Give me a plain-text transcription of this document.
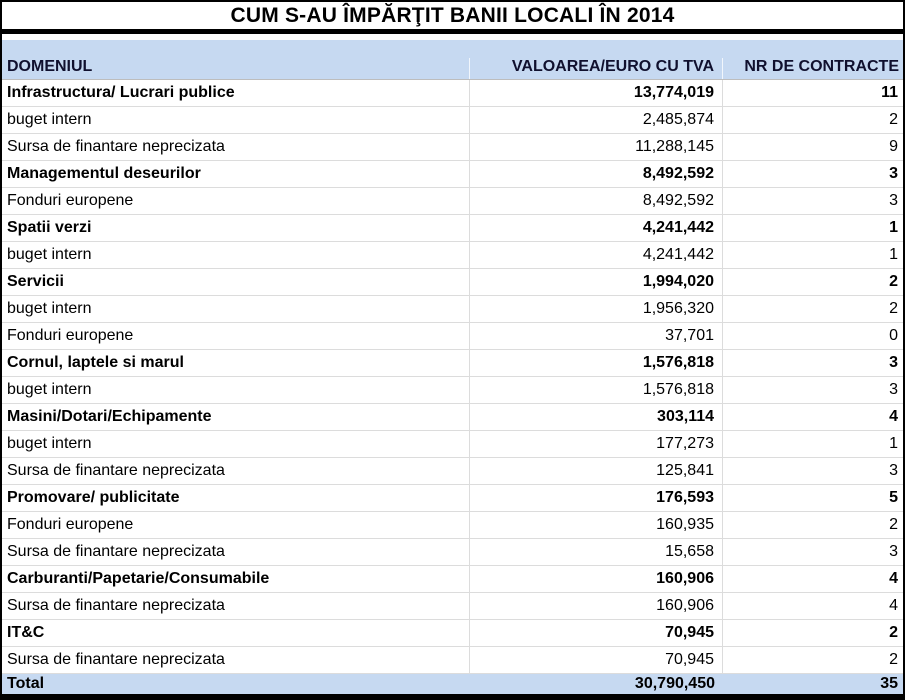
CUM S-AU ÎMPĂRŢIT BANII LOCALI ÎN 2014
DOMENIUL	VALOAREA/EURO CU TVA	NR DE CONTRACTE
Infrastructura/ Lucrari publice	13,774,019	11
buget intern	2,485,874	2
Sursa de finantare neprecizata	11,288,145	9
Managementul deseurilor	8,492,592	3
Fonduri europene	8,492,592	3
Spatii verzi	4,241,442	1
buget intern	4,241,442	1
Servicii	1,994,020	2
buget intern	1,956,320	2
Fonduri europene	37,701	0
Cornul, laptele si marul	1,576,818	3
buget intern	1,576,818	3
Masini/Dotari/Echipamente	303,114	4
buget intern	177,273	1
Sursa de finantare neprecizata	125,841	3
Promovare/ publicitate	176,593	5
Fonduri europene	160,935	2
Sursa de finantare neprecizata	15,658	3
Carburanti/Papetarie/Consumabile	160,906	4
Sursa de finantare neprecizata	160,906	4
IT&C	70,945	2
Sursa de finantare neprecizata	70,945	2
Total	30,790,450	35
